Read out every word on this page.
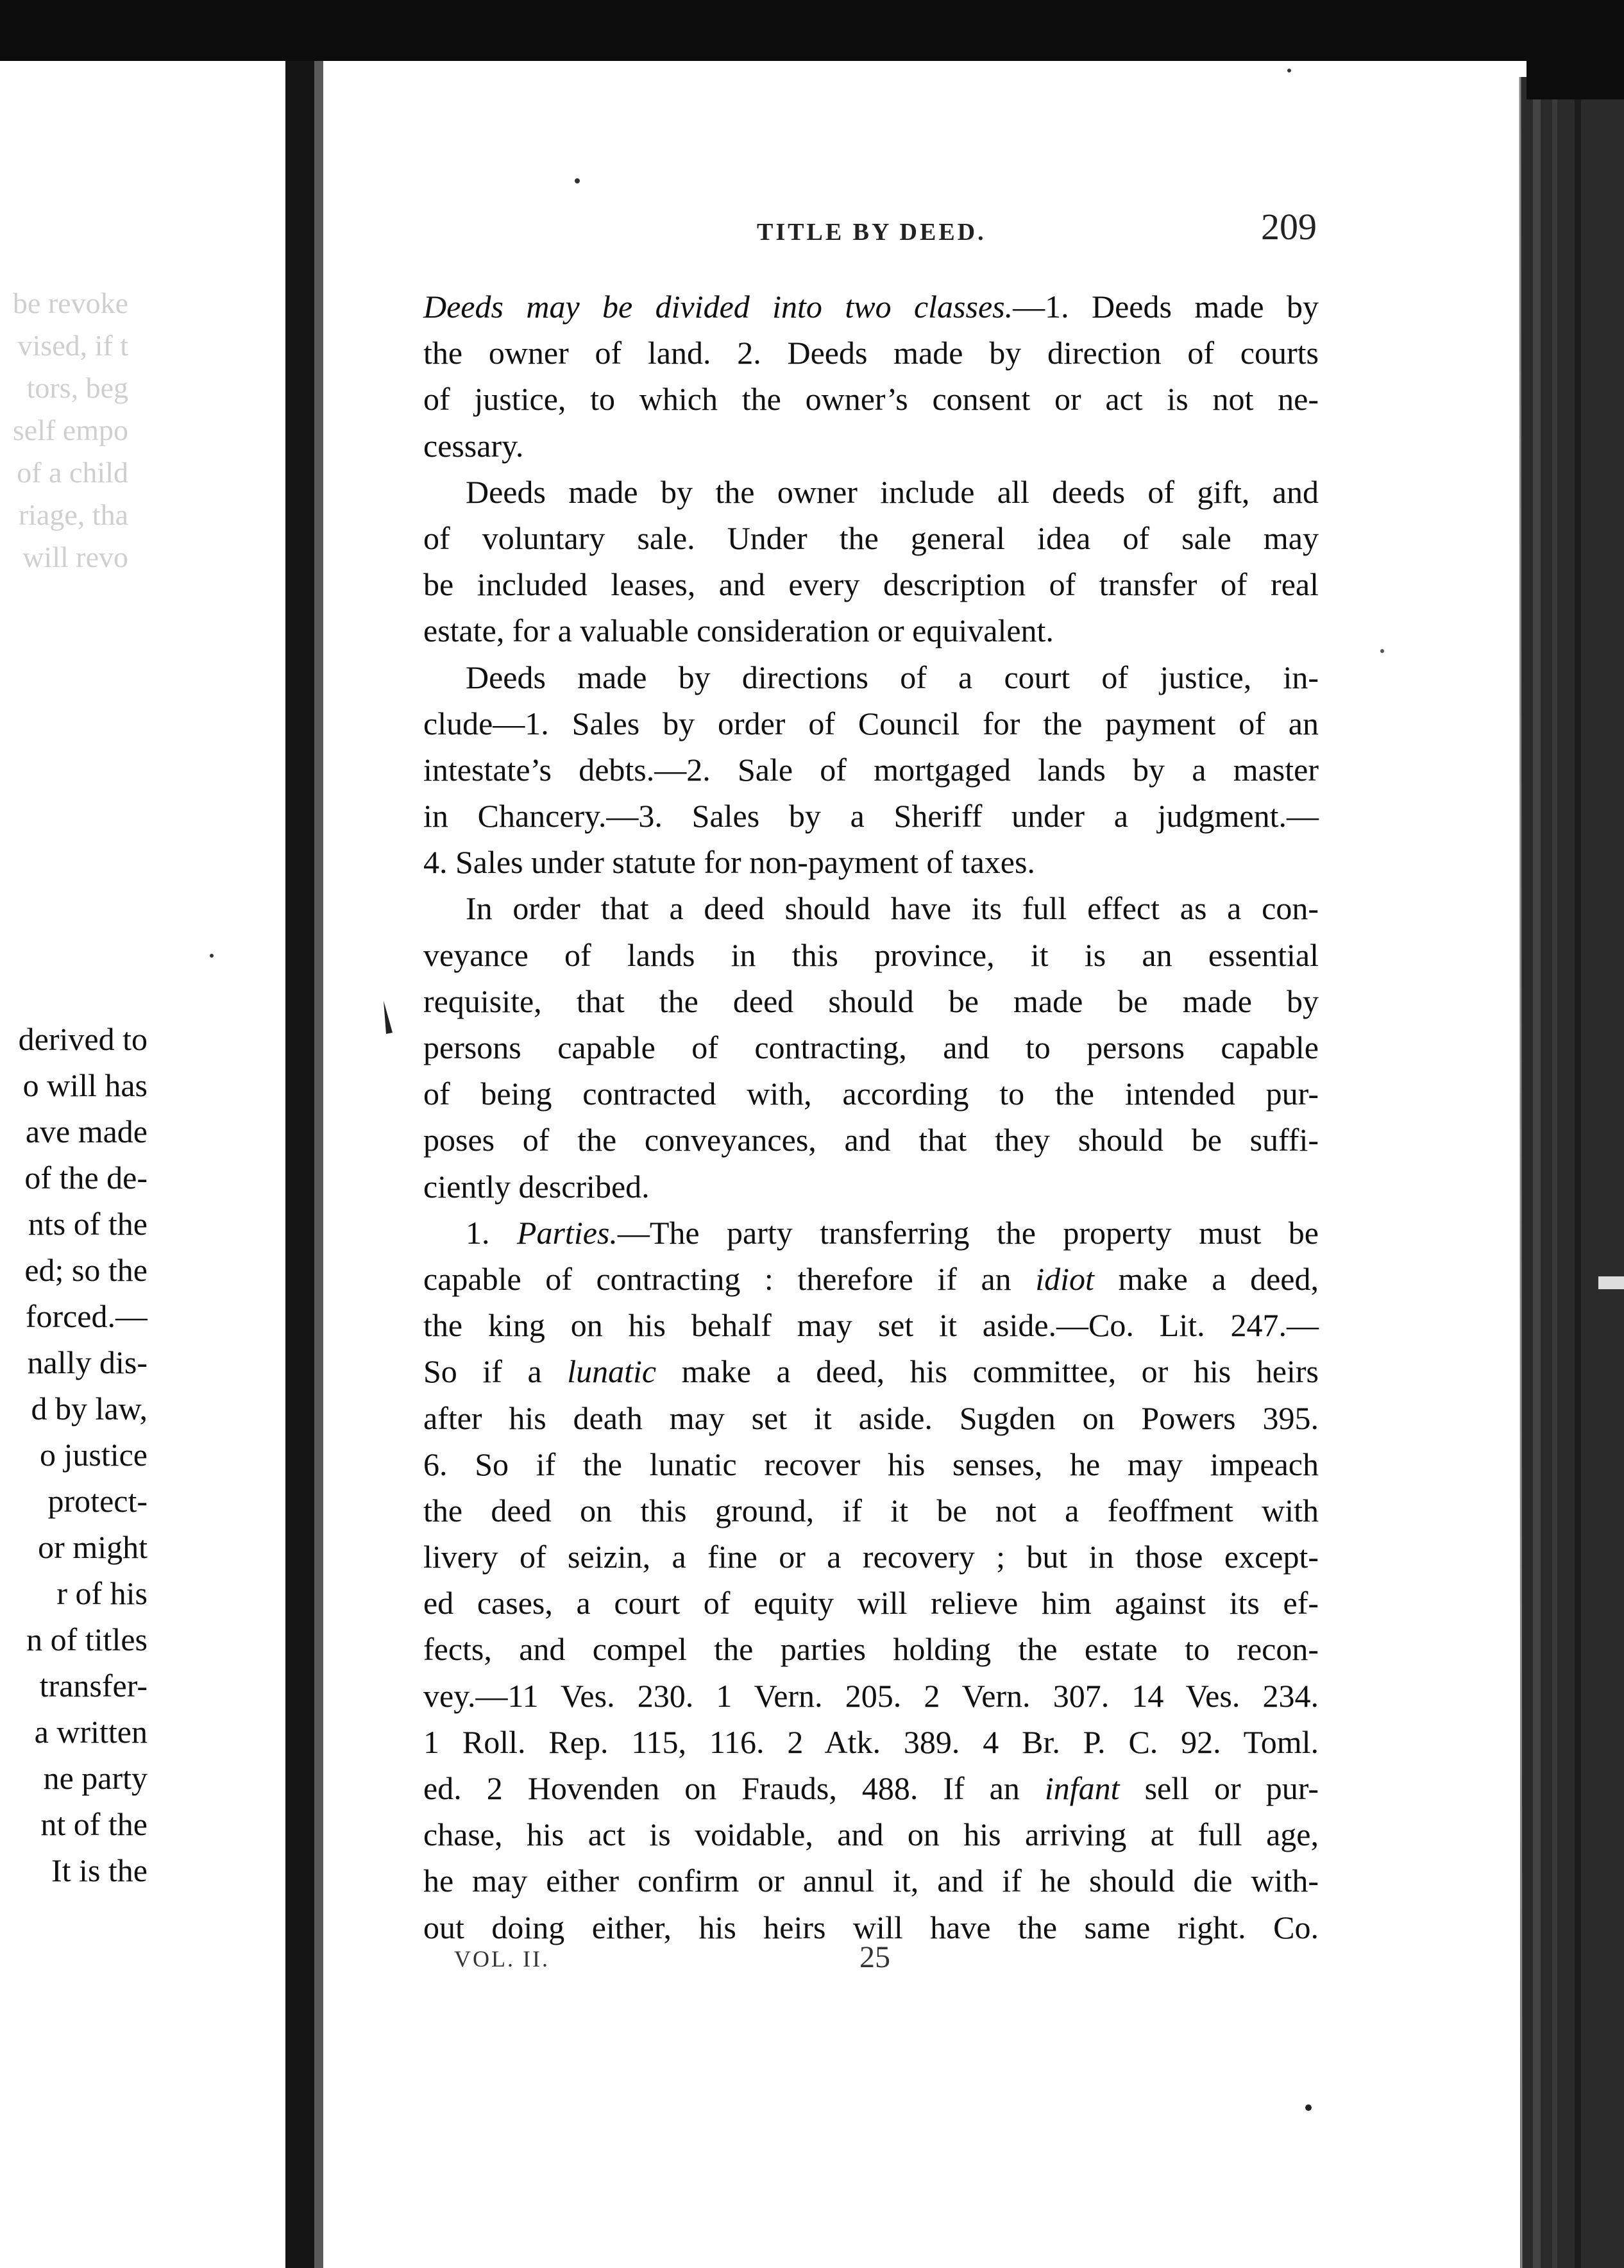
be revoke
vised, if t
tors, beg
self empo
of a child
riage, tha
will revo
derived to
o will has
ave made
of the de-
nts of the
ed; so the
forced.—
nally dis-
d by law,
o justice
protect-
or might
r of his
n of titles
transfer-
a written
ne party
nt of the
It is the
TITLE BY DEED.	209
Deeds may be divided into two classes.—1. Deeds made by
the owner of land. 2. Deeds made by direction of courts
of justice, to which the owner’s consent or act is not ne-
cessary.
Deeds made by the owner include all deeds of gift, and
of voluntary sale. Under the general idea of sale may
be included leases, and every description of transfer of real
estate, for a valuable consideration or equivalent.
Deeds made by directions of a court of justice, in-
clude—1. Sales by order of Council for the payment of an
intestate’s debts.—2. Sale of mortgaged lands by a master
in Chancery.—3. Sales by a Sheriff under a judgment.—
4. Sales under statute for non-payment of taxes.
In order that a deed should have its full effect as a con-
veyance of lands in this province, it is an essential
requisite, that the deed should be made be made by
persons capable of contracting, and to persons capable
of being contracted with, according to the intended pur-
poses of the conveyances, and that they should be suffi-
ciently described.
1. Parties.—The party transferring the property must be
capable of contracting : therefore if an idiot make a deed,
the king on his behalf may set it aside.—Co. Lit. 247.—
So if a lunatic make a deed, his committee, or his heirs
after his death may set it aside. Sugden on Powers 395.
6. So if the lunatic recover his senses, he may impeach
the deed on this ground, if it be not a feoffment with
livery of seizin, a fine or a recovery ; but in those except-
ed cases, a court of equity will relieve him against its ef-
fects, and compel the parties holding the estate to recon-
vey.—11 Ves. 230. 1 Vern. 205. 2 Vern. 307. 14 Ves. 234.
1 Roll. Rep. 115, 116. 2 Atk. 389. 4 Br. P. C. 92. Toml.
ed. 2 Hovenden on Frauds, 488. If an infant sell or pur-
chase, his act is voidable, and on his arriving at full age,
he may either confirm or annul it, and if he should die with-
out doing either, his heirs will have the same right. Co.
VOL. II.	25
